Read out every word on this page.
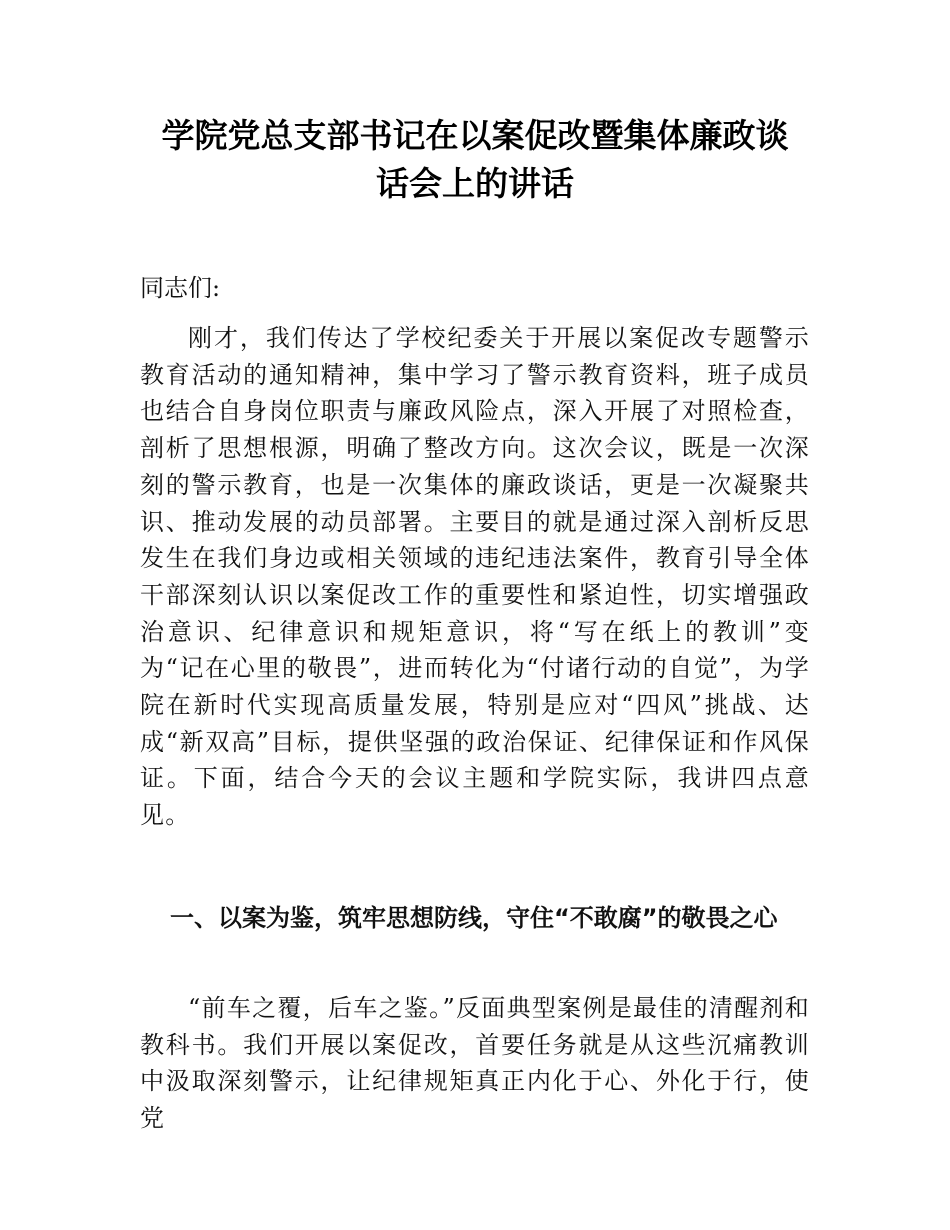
学院党总支部书记在以案促改暨集体廉政谈
话会上的讲话

同志们:

刚才，我们传达了学校纪委关于开展以案促改专题警示教育活动的通知精神，集中学习了警示教育资料，班子成员也结合自身岗位职责与廉政风险点，深入开展了对照检查，剖析了思想根源，明确了整改方向。这次会议，既是一次深刻的警示教育，也是一次集体的廉政谈话，更是一次凝聚共识、推动发展的动员部署。主要目的就是通过深入剖析反思发生在我们身边或相关领域的违纪违法案件，教育引导全体干部深刻认识以案促改工作的重要性和紧迫性，切实增强政治意识、纪律意识和规矩意识，将“写在纸上的教训”变为“记在心里的敬畏”，进而转化为“付诸行动的自觉”，为学院在新时代实现高质量发展，特别是应对“四风”挑战、达成“新双高”目标，提供坚强的政治保证、纪律保证和作风保证。下面，结合今天的会议主题和学院实际，我讲四点意见。

一、以案为鉴，筑牢思想防线，守住“不敢腐”的敬畏之心

“前车之覆，后车之鉴。”反面典型案例是最佳的清醒剂和教科书。我们开展以案促改，首要任务就是从这些沉痛教训中汲取深刻警示，让纪律规矩真正内化于心、外化于行，使党
